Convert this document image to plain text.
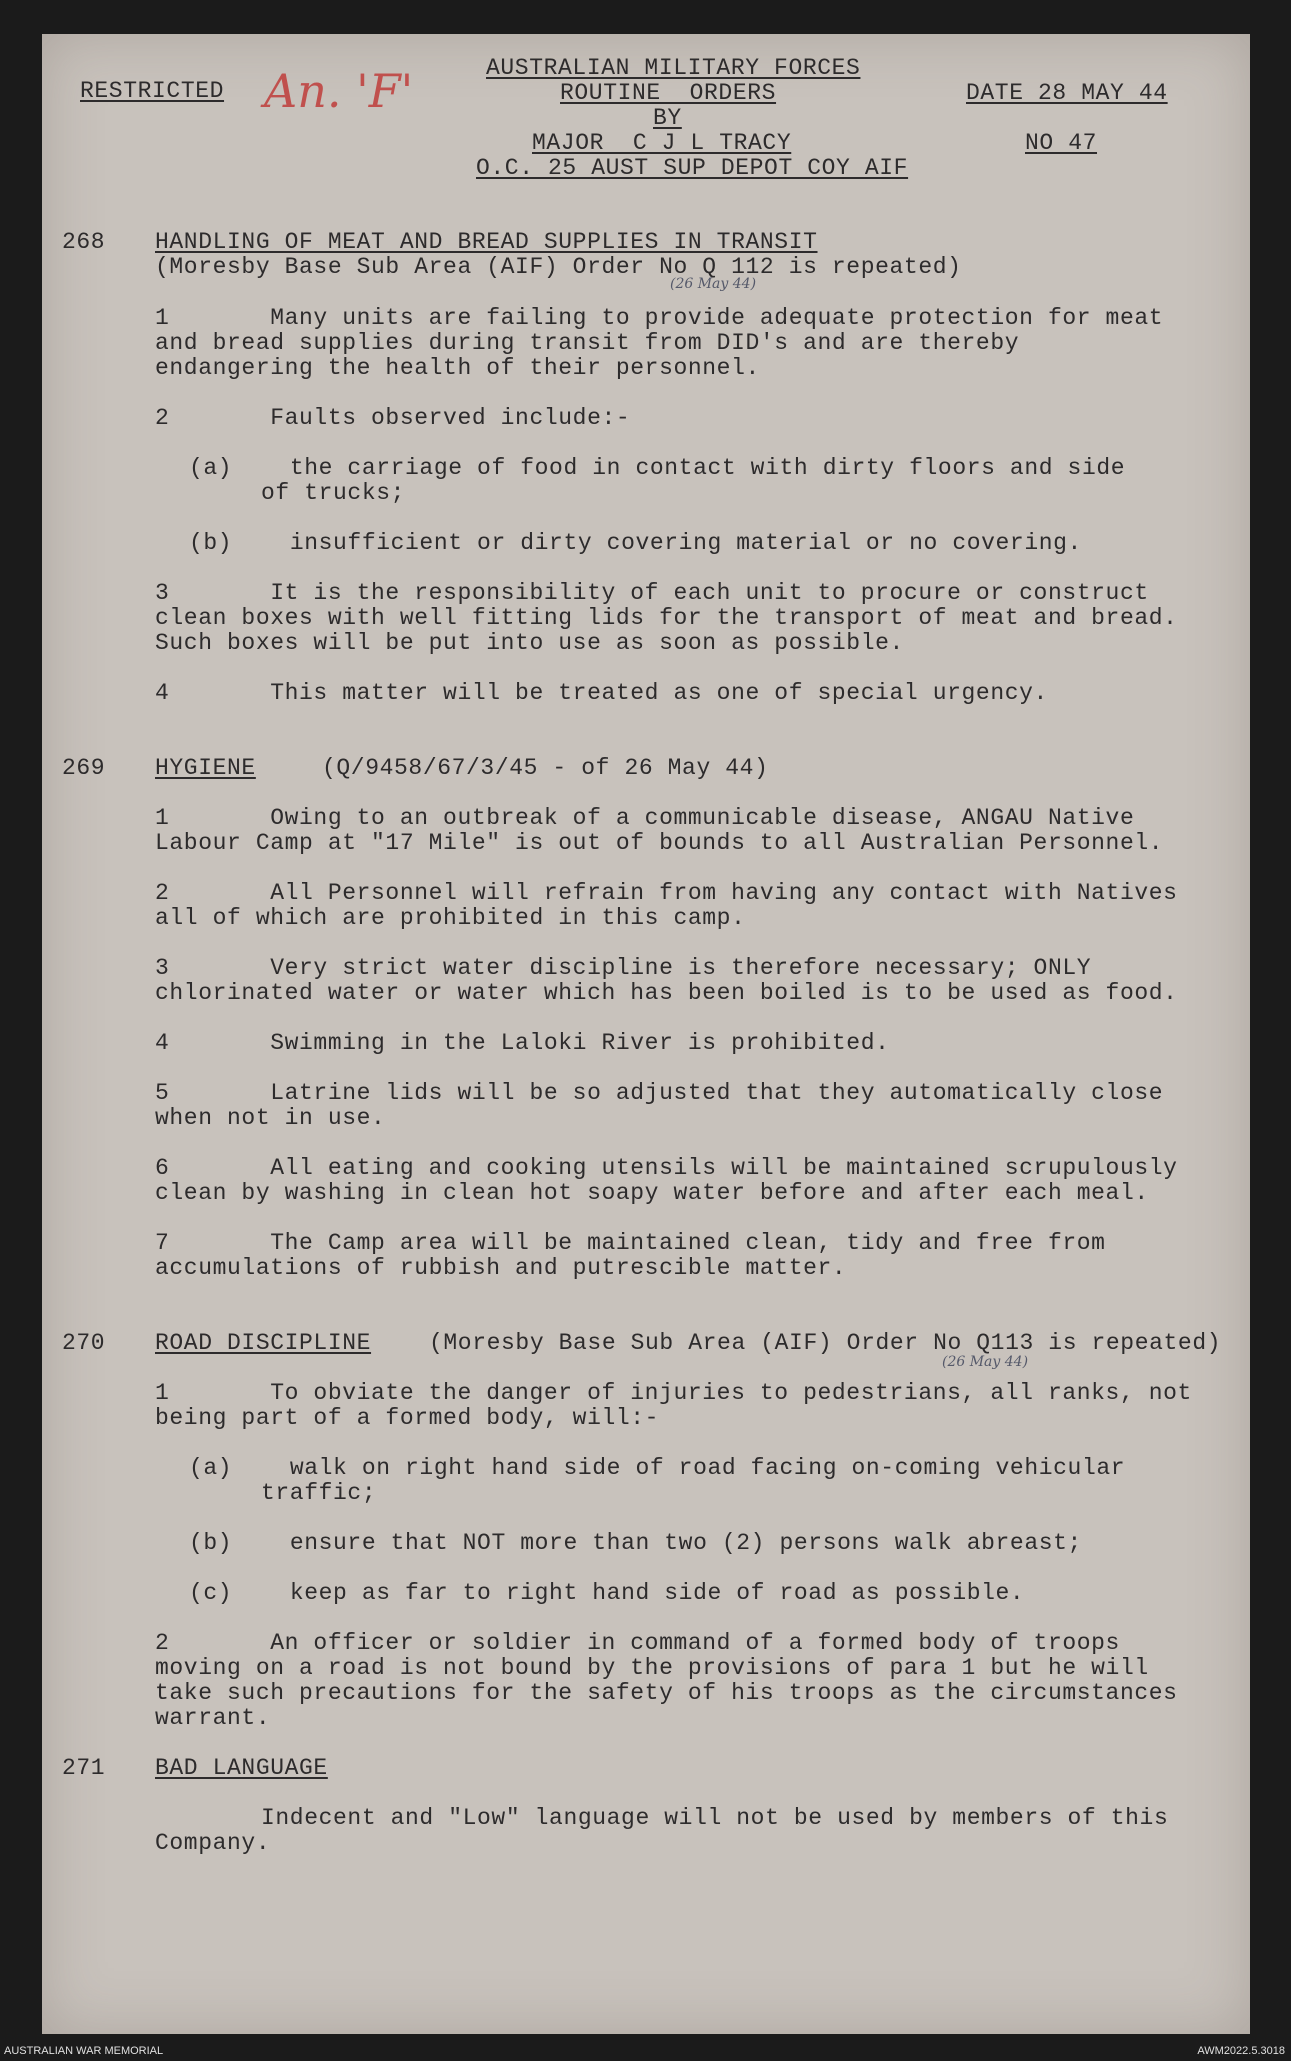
RESTRICTED An. 'F'	AUSTRALIAN MILITARY FORCES
ROUTINE  ORDERS
BY
MAJOR  C J L TRACY
O.C. 25 AUST SUP DEPOT COY AIF
DATE 28 MAY 44
NO 47
268 HANDLING OF MEAT AND BREAD SUPPLIES IN TRANSIT
(Moresby Base Sub Area (AIF) Order No Q 112 is repeated)
(26 May 44)
1       Many units are failing to provide adequate protection for meat
and bread supplies during transit from DID's and are thereby
endangering the health of their personnel.
2       Faults observed include:-
(a)    the carriage of food in contact with dirty floors and side
of trucks;
(b)    insufficient or dirty covering material or no covering.
3       It is the responsibility of each unit to procure or construct
clean boxes with well fitting lids for the transport of meat and bread.
Such boxes will be put into use as soon as possible.
4       This matter will be treated as one of special urgency.
269 HYGIENE	(Q/9458/67/3/45 - of 26 May 44)
1       Owing to an outbreak of a communicable disease, ANGAU Native
Labour Camp at "17 Mile" is out of bounds to all Australian Personnel.
2       All Personnel will refrain from having any contact with Natives
all of which are prohibited in this camp.
3       Very strict water discipline is therefore necessary; ONLY
chlorinated water or water which has been boiled is to be used as food.
4       Swimming in the Laloki River is prohibited.
5       Latrine lids will be so adjusted that they automatically close
when not in use.
6       All eating and cooking utensils will be maintained scrupulously
clean by washing in clean hot soapy water before and after each meal.
7       The Camp area will be maintained clean, tidy and free from
accumulations of rubbish and putrescible matter.
270 ROAD DISCIPLINE	(Moresby Base Sub Area (AIF) Order No Q113 is repeated)
(26 May 44)
1       To obviate the danger of injuries to pedestrians, all ranks, not
being part of a formed body, will:-
(a)    walk on right hand side of road facing on-coming vehicular
traffic;
(b)    ensure that NOT more than two (2) persons walk abreast;
(c)    keep as far to right hand side of road as possible.
2       An officer or soldier in command of a formed body of troops
moving on a road is not bound by the provisions of para 1 but he will
take such precautions for the safety of his troops as the circumstances
warrant.
271 BAD LANGUAGE
Indecent and "Low" language will not be used by members of this
Company.
AUSTRALIAN WAR MEMORIAL	AWM2022.5.3018
